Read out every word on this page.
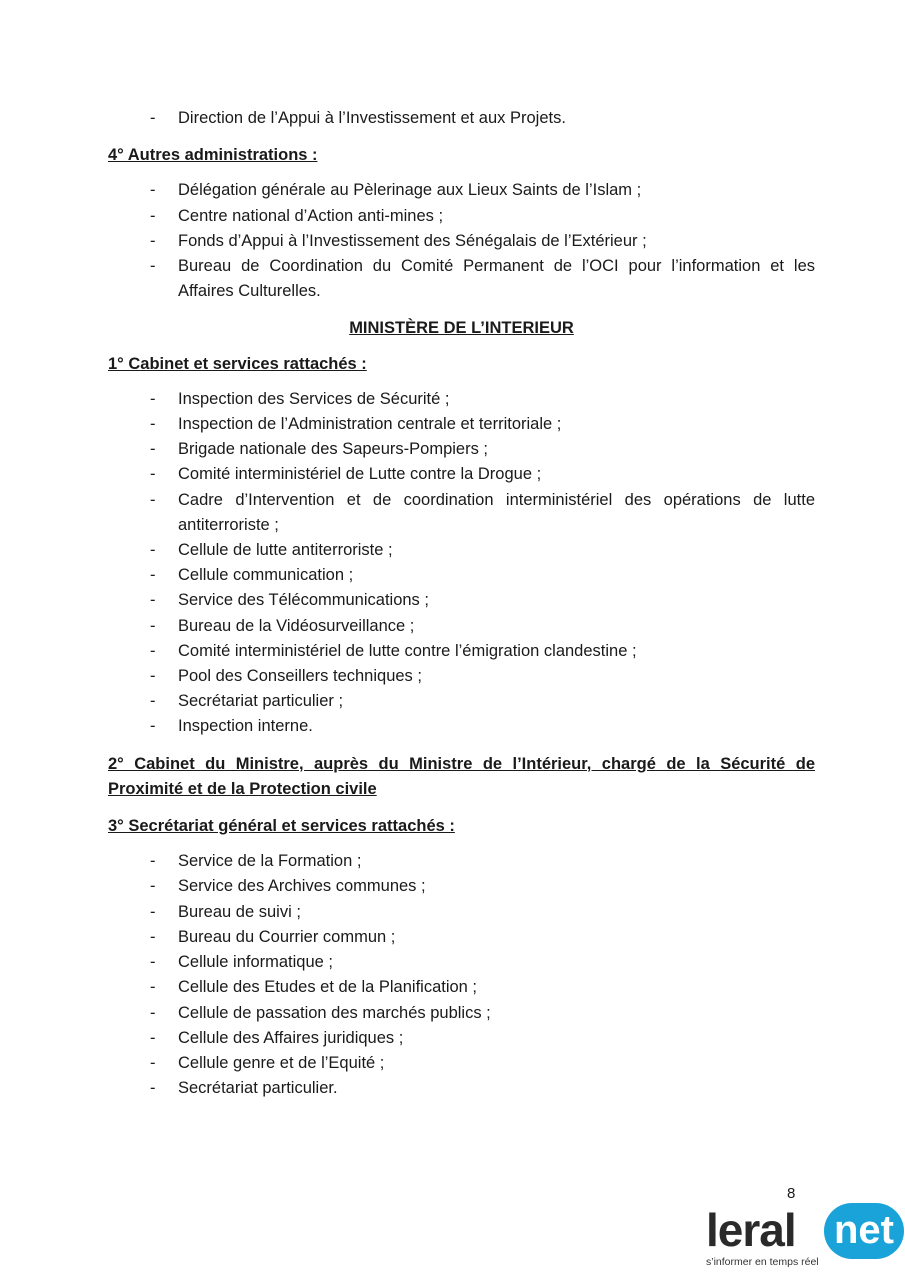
- Direction de l’Appui à l’Investissement et aux Projets.

4° Autres administrations :

- Délégation générale au Pèlerinage aux Lieux Saints de l’Islam ;
- Centre national d’Action anti-mines ;
- Fonds d’Appui à l’Investissement des Sénégalais de l’Extérieur ;
- Bureau de Coordination du Comité Permanent de l’OCI pour l’information et les Affaires Culturelles.

MINISTÈRE DE L’INTERIEUR

1° Cabinet et services rattachés :

- Inspection des Services de Sécurité ;
- Inspection de l’Administration centrale et territoriale ;
- Brigade nationale des Sapeurs-Pompiers ;
- Comité interministériel de Lutte contre la Drogue ;
- Cadre d’Intervention et de coordination interministériel des opérations de lutte antiterroriste ;
- Cellule de lutte antiterroriste ;
- Cellule communication ;
- Service des Télécommunications ;
- Bureau de la Vidéosurveillance ;
- Comité interministériel de lutte contre l’émigration clandestine ;
- Pool des Conseillers techniques ;
- Secrétariat particulier ;
- Inspection interne.

2° Cabinet du Ministre, auprès du Ministre de l’Intérieur, chargé de la Sécurité de Proximité et de la Protection civile

3° Secrétariat général et services rattachés :

- Service de la Formation ;
- Service des Archives communes ;
- Bureau de suivi ;
- Bureau du Courrier commun ;
- Cellule informatique ;
- Cellule des Etudes et de la Planification ;
- Cellule de passation des marchés publics ;
- Cellule des Affaires juridiques ;
- Cellule genre et de l’Equité ;
- Secrétariat particulier.
8
leral net
s’informer en temps réel
